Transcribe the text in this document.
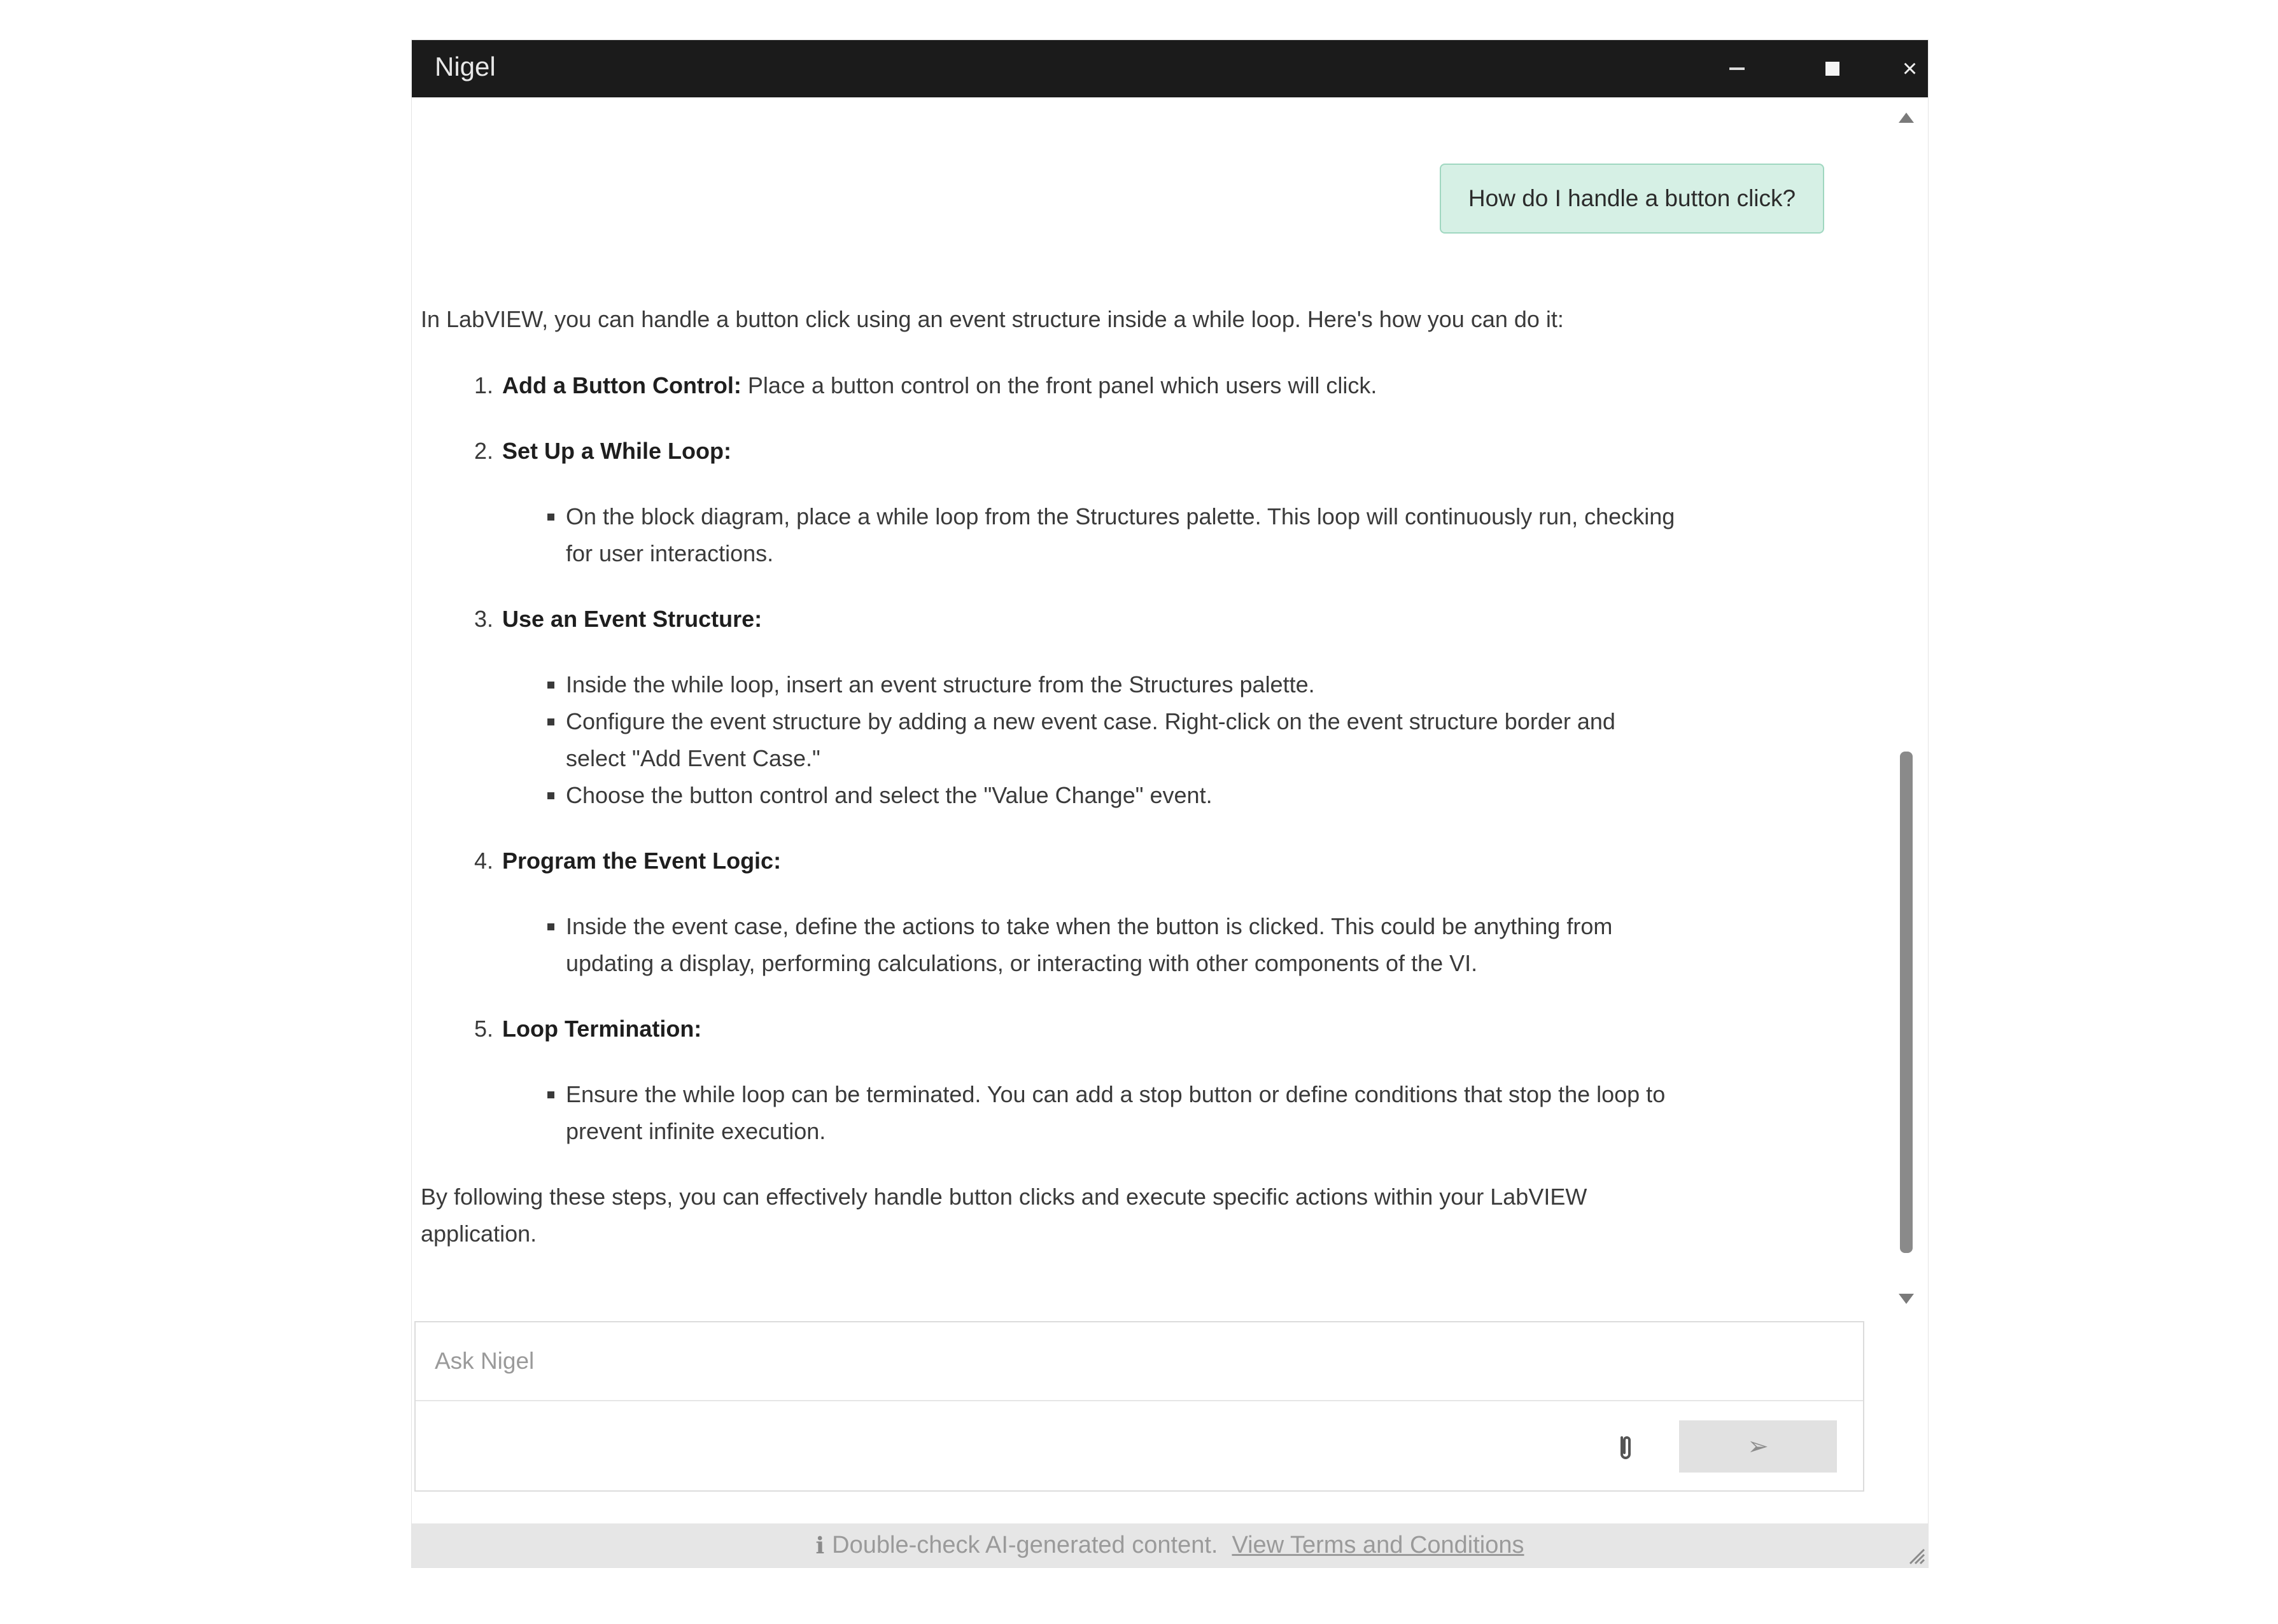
Nigel	×
How do I handle a button click?

In LabVIEW, you can handle a button click using an event structure inside a while loop. Here's how you can do it:

1. Add a Button Control: Place a button control on the front panel which users will click.
2. Set Up a While Loop:
▪ On the block diagram, place a while loop from the Structures palette. This loop will continuously run, checking for user interactions.
3. Use an Event Structure:
▪ Inside the while loop, insert an event structure from the Structures palette.
▪ Configure the event structure by adding a new event case. Right-click on the event structure border and select "Add Event Case."
▪ Choose the button control and select the "Value Change" event.
4. Program the Event Logic:
▪ Inside the event case, define the actions to take when the button is clicked. This could be anything from updating a display, performing calculations, or interacting with other components of the VI.
5. Loop Termination:
▪ Ensure the while loop can be terminated. You can add a stop button or define conditions that stop the loop to prevent infinite execution.

By following these steps, you can effectively handle button clicks and execute specific actions within your LabVIEW application.

Ask Nigel
➢
ℹ Double-check AI-generated content. View Terms and Conditions
